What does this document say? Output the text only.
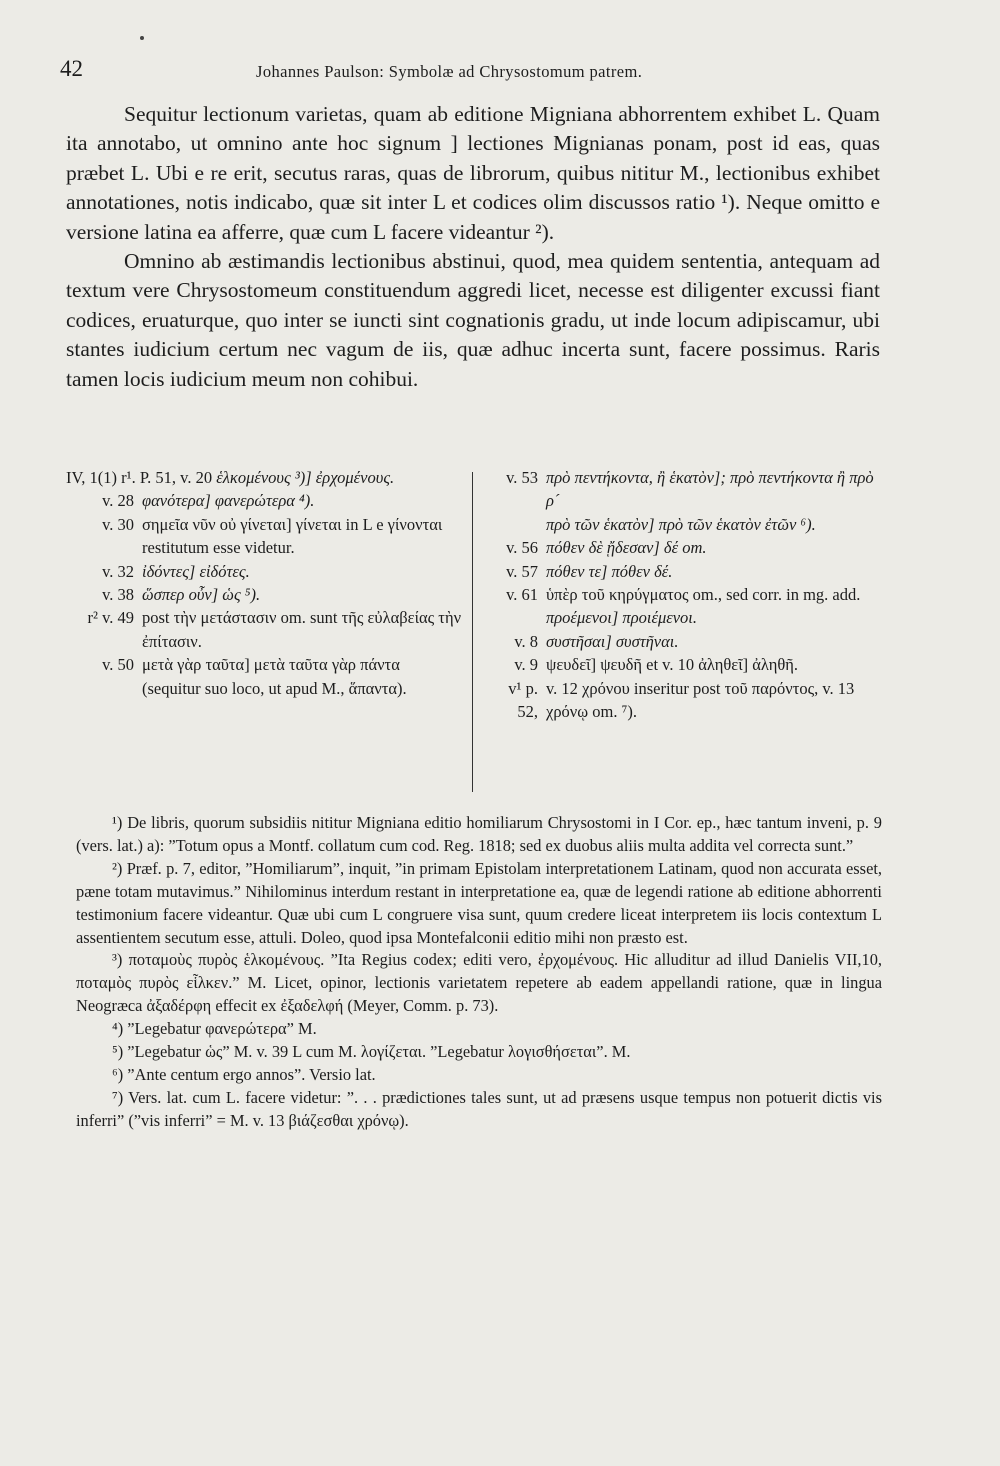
42	Johannes Paulson: Symbolæ ad Chrysostomum patrem.

Sequitur lectionum varietas, quam ab editione Migniana abhorrentem exhibet L. Quam ita annotabo, ut omnino ante hoc signum ] lectiones Mignianas ponam, post id eas, quas præbet L. Ubi e re erit, secutus raras, quas de librorum, quibus nititur M., lectionibus exhibet annotationes, notis indicabo, quæ sit inter L et codices olim discussos ratio ¹). Neque omitto e versione latina ea afferre, quæ cum L facere videantur ²).

Omnino ab æstimandis lectionibus abstinui, quod, mea quidem sententia, antequam ad textum vere Chrysostomeum constituendum aggredi licet, necesse est diligenter excussi fiant codices, eruaturque, quo inter se iuncti sint cognationis gradu, ut inde locum adipiscamur, ubi stantes iudicium certum nec vagum de iis, quæ adhuc incerta sunt, facere possimus. Raris tamen locis iudicium meum non cohibui.

IV, 1(1) r¹. P. 51, v. 20 ἑλκομένους ³)] ἐρχομένους.
v. 28 φανότερα] φανερώτερα ⁴).
v. 30 σημεῖα νῦν οὐ γίνεται] γίνεται in L e γίνονται restitutum esse videtur.
v. 32 ἰδόντες] εἰδότες.
v. 38 ὥσπερ οὖν] ὡς ⁵).
r² v. 49 post τὴν μετάστασιν om. sunt τῆς εὐλαβείας τὴν ἐπίτασιν.
v. 50 μετὰ γὰρ ταῦτα] μετὰ ταῦτα γὰρ πάντα (sequitur suo loco, ut apud M., ἅπαντα).
v. 53 πρὸ πεντήκοντα, ἢ ἑκατὸν]; πρὸ πεντήκοντα ἢ πρὸ ρ´
πρὸ τῶν ἑκατὸν] πρὸ τῶν ἑκατὸν ἐτῶν ⁶).
v. 56 πόθεν δὲ ᾔδεσαν] δέ om.
v. 57 πόθεν τε] πόθεν δέ.
v. 61 ὑπὲρ τοῦ κηρύγματος om., sed corr. in mg. add.
προέμενοι] προιέμενοι.
v. 8 συστῆσαι] συστῆναι.
v. 9 ψευδεῖ] ψευδῆ et v. 10 ἀληθεῖ] ἀληθῆ.
v¹ p. 52,
v. 12 χρόνου inseritur post τοῦ παρόντος, v. 13 χρόνῳ om. ⁷).

¹) De libris, quorum subsidiis nititur Migniana editio homiliarum Chrysostomi in I Cor. ep., hæc tantum inveni, p. 9 (vers. lat.) a): ”Totum opus a Montf. collatum cum cod. Reg. 1818; sed ex duobus aliis multa addita vel correcta sunt.”

²) Præf. p. 7, editor, ”Homiliarum”, inquit, ”in primam Epistolam interpretationem Latinam, quod non accurata esset, pæne totam mutavimus.” Nihilominus interdum restant in interpretatione ea, quæ de legendi ratione ab editione abhorrenti testimonium facere videantur. Quæ ubi cum L congruere visa sunt, quum credere liceat interpretem iis locis contextum L assentientem secutum esse, attuli. Doleo, quod ipsa Montefalconii editio mihi non præsto est.

³) ποταμοὺς πυρὸς ἑλκομένους. ”Ita Regius codex; editi vero, ἐρχομένους. Hic alluditur ad illud Danielis VII,10, ποταμὸς πυρὸς εἷλκεν.” M. Licet, opinor, lectionis varietatem repetere ab eadem appellandi ratione, quæ in lingua Neogræca ἀξαδέρφη effecit ex ἐξαδελφή (Meyer, Comm. p. 73).

⁴) ”Legebatur φανερώτερα” M.

⁵) ”Legebatur ὡς” M. v. 39 L cum M. λογίζεται. ”Legebatur λογισθήσεται”. M.

⁶) ”Ante centum ergo annos”. Versio lat.

⁷) Vers. lat. cum L. facere videtur: ”. . . prædictiones tales sunt, ut ad præsens usque tempus non potuerit dictis vis inferri” (”vis inferri” = M. v. 13 βιάζεσθαι χρόνῳ).
